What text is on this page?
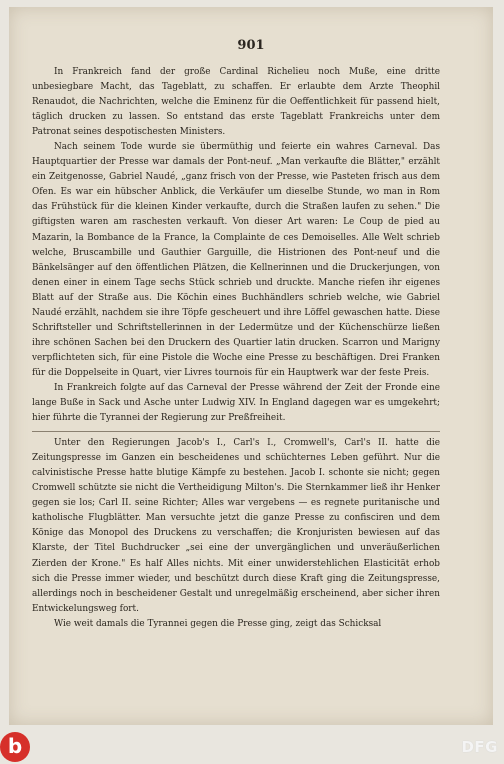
901

In Frankreich fand der große Cardinal Richelieu noch Muße, eine dritte unbesiegbare Macht, das Tageblatt, zu schaffen. Er erlaubte dem Arzte Theophil Renaudot, die Nachrichten, welche die Eminenz für die Oeffentlichkeit für passend hielt, täglich drucken zu lassen. So entstand das erste Tageblatt Frankreichs unter dem Patronat seines despotischesten Ministers.

Nach seinem Tode wurde sie übermüthig und feierte ein wahres Carneval. Das Hauptquartier der Presse war damals der Pont-neuf. „Man verkaufte die Blätter," erzählt ein Zeitgenosse, Gabriel Naudé, „ganz frisch von der Presse, wie Pasteten frisch aus dem Ofen. Es war ein hübscher Anblick, die Verkäufer um dieselbe Stunde, wo man in Rom das Frühstück für die kleinen Kinder verkaufte, durch die Straßen laufen zu sehen." Die giftigsten waren am raschesten verkauft. Von dieser Art waren: Le Coup de pied au Mazarin, la Bombance de la France, la Complainte de ces Demoiselles. Alle Welt schrieb welche, Bruscambille und Gauthier Garguille, die Histrionen des Pont-neuf und die Bänkelsänger auf den öffentlichen Plätzen, die Kellnerinnen und die Druckerjungen, von denen einer in einem Tage sechs Stück schrieb und druckte. Manche riefen ihr eigenes Blatt auf der Straße aus. Die Köchin eines Buchhändlers schrieb welche, wie Gabriel Naudé erzählt, nachdem sie ihre Töpfe gescheuert und ihre Löffel gewaschen hatte. Diese Schriftsteller und Schriftstellerinnen in der Ledermütze und der Küchenschürze ließen ihre schönen Sachen bei den Druckern des Quartier latin drucken. Scarron und Marigny verpflichteten sich, für eine Pistole die Woche eine Presse zu beschäftigen. Drei Franken für die Doppelseite in Quart, vier Livres tournois für ein Hauptwerk war der feste Preis.

In Frankreich folgte auf das Carneval der Presse während der Zeit der Fronde eine lange Buße in Sack und Asche unter Ludwig XIV. In England dagegen war es umgekehrt; hier führte die Tyrannei der Regierung zur Preßfreiheit.

Unter den Regierungen Jacob's I., Carl's I., Cromwell's, Carl's II. hatte die Zeitungspresse im Ganzen ein bescheidenes und schüchternes Leben geführt. Nur die calvinistische Presse hatte blutige Kämpfe zu bestehen. Jacob I. schonte sie nicht; gegen Cromwell schützte sie nicht die Vertheidigung Milton's. Die Sternkammer ließ ihr Henker gegen sie los; Carl II. seine Richter; Alles war vergebens — es regnete puritanische und katholische Flugblätter. Man versuchte jetzt die ganze Presse zu confisciren und dem Könige das Monopol des Druckens zu verschaffen; die Kronjuristen bewiesen auf das Klarste, der Titel Buchdrucker „sei eine der unvergänglichen und unveräußerlichen Zierden der Krone." Es half Alles nichts. Mit einer unwiderstehlichen Elasticität erhob sich die Presse immer wieder, und beschützt durch diese Kraft ging die Zeitungspresse, allerdings noch in bescheidener Gestalt und unregelmäßig erscheinend, aber sicher ihren Entwickelungsweg fort.

Wie weit damals die Tyrannei gegen die Presse ging, zeigt das Schicksal

b	DFG
